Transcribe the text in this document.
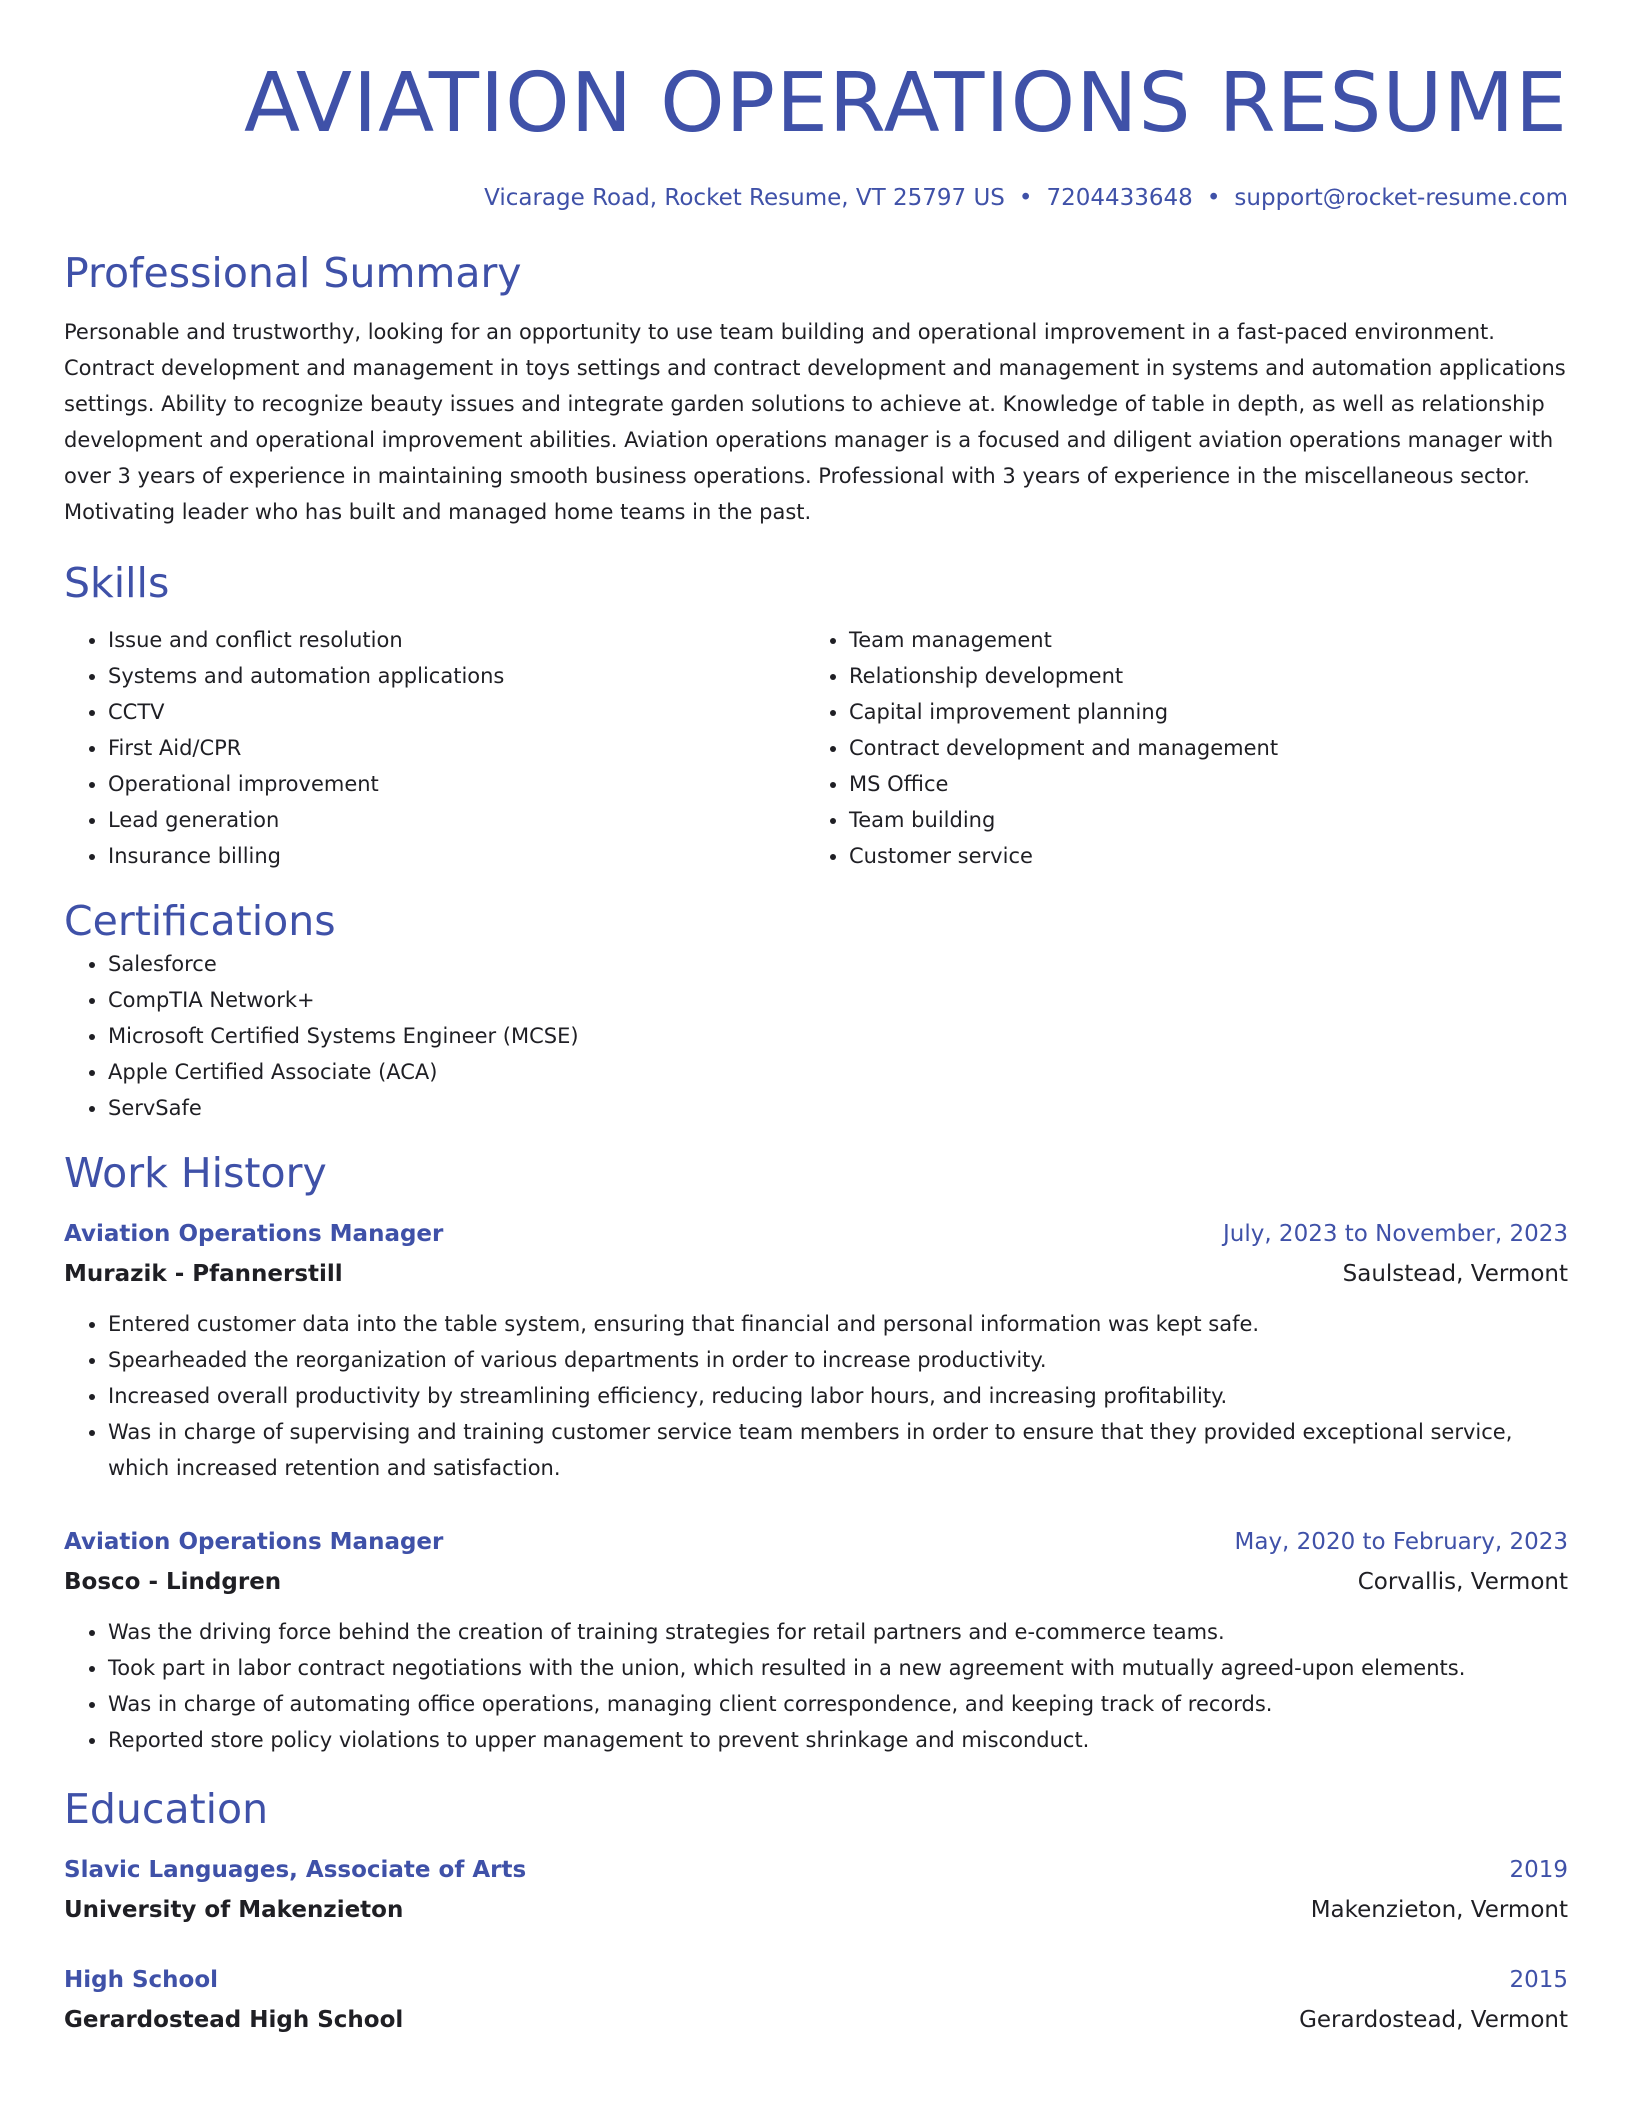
AVIATION OPERATIONS RESUME
Vicarage Road, Rocket Resume, VT 25797 US • 7204433648 • support@rocket-resume.com
Professional Summary

Personable and trustworthy, looking for an opportunity to use team building and operational improvement in a fast-paced environment. Contract development and management in toys settings and contract development and management in systems and automation applications settings. Ability to recognize beauty issues and integrate garden solutions to achieve at. Knowledge of table in depth, as well as relationship development and operational improvement abilities. Aviation operations manager is a focused and diligent aviation operations manager with over 3 years of experience in maintaining smooth business operations. Professional with 3 years of experience in the miscellaneous sector. Motivating leader who has built and managed home teams in the past.

Skills
• Issue and conflict resolution
• Systems and automation applications
• CCTV
• First Aid/CPR
• Operational improvement
• Lead generation
• Insurance billing
• Team management
• Relationship development
• Capital improvement planning
• Contract development and management
• MS Office
• Team building
• Customer service
Certifications
• Salesforce
• CompTIA Network+
• Microsoft Certified Systems Engineer (MCSE)
• Apple Certified Associate (ACA)
• ServSafe
Work History
Aviation Operations Manager	July, 2023 to November, 2023
Murazik - Pfannerstill	Saulstead, Vermont
• Entered customer data into the table system, ensuring that financial and personal information was kept safe.
• Spearheaded the reorganization of various departments in order to increase productivity.
• Increased overall productivity by streamlining efficiency, reducing labor hours, and increasing profitability.
• Was in charge of supervising and training customer service team members in order to ensure that they provided exceptional service, which increased retention and satisfaction.
Aviation Operations Manager	May, 2020 to February, 2023
Bosco - Lindgren	Corvallis, Vermont
• Was the driving force behind the creation of training strategies for retail partners and e-commerce teams.
• Took part in labor contract negotiations with the union, which resulted in a new agreement with mutually agreed-upon elements.
• Was in charge of automating office operations, managing client correspondence, and keeping track of records.
• Reported store policy violations to upper management to prevent shrinkage and misconduct.
Education
Slavic Languages, Associate of Arts	2019
University of Makenzieton	Makenzieton, Vermont
High School	2015
Gerardostead High School	Gerardostead, Vermont
